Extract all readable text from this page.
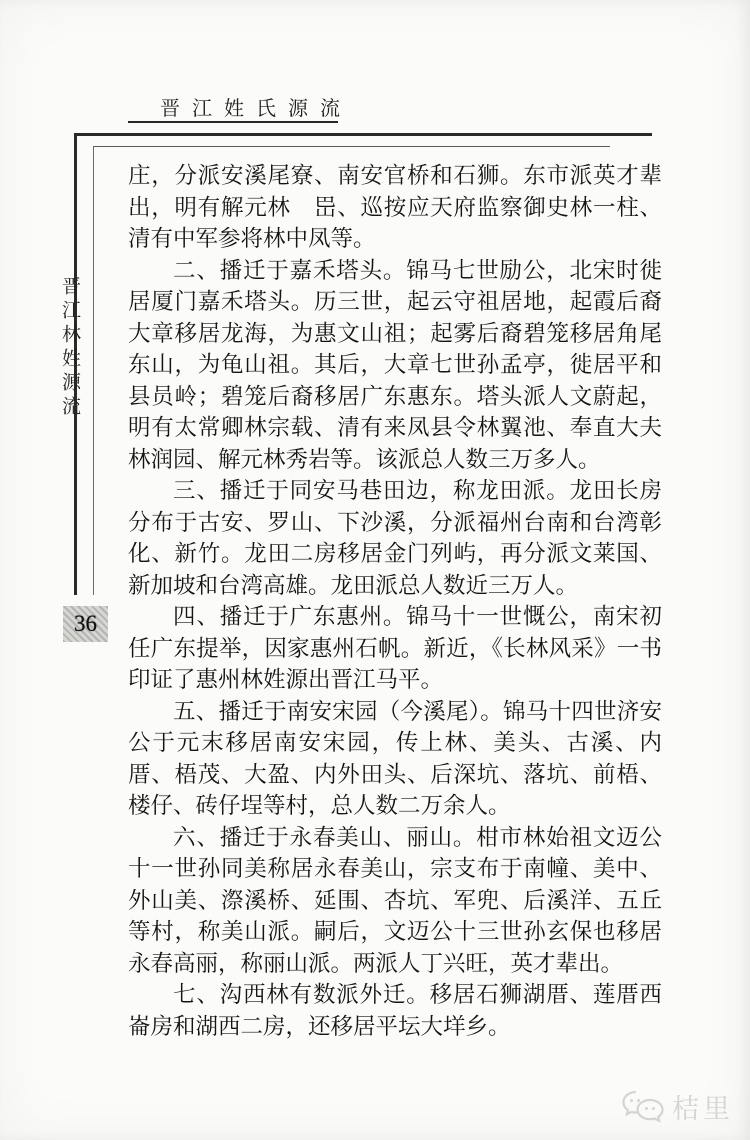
晋江姓氏源流
晋江林姓源流
36

庄，分派安溪尾寮、南安官桥和石狮。东市派英才辈出，明有解元林　岊、巡按应天府监察御史林一柱、清有中军参将林中凤等。

二、播迁于嘉禾塔头。锦马七世励公，北宋时徙居厦门嘉禾塔头。历三世，起云守祖居地，起霞后裔大章移居龙海，为惠文山祖；起雾后裔碧笼移居角尾东山，为龟山祖。其后，大章七世孙孟亭，徙居平和县员岭；碧笼后裔移居广东惠东。塔头派人文蔚起，明有太常卿林宗载、清有来凤县令林翼池、奉直大夫林润园、解元林秀岩等。该派总人数三万多人。

三、播迁于同安马巷田边，称龙田派。龙田长房分布于古安、罗山、下沙溪，分派福州台南和台湾彰化、新竹。龙田二房移居金门列屿，再分派文莱国、新加坡和台湾高雄。龙田派总人数近三万人。

四、播迁于广东惠州。锦马十一世慨公，南宋初任广东提举，因家惠州石帆。新近，《长林风采》一书印证了惠州林姓源出晋江马平。

五、播迁于南安宋园（今溪尾）。锦马十四世济安公于元末移居南安宋园，传上林、美头、古溪、内厝、梧茂、大盈、内外田头、后深坑、落坑、前梧、楼仔、砖仔埕等村，总人数二万余人。

六、播迁于永春美山、丽山。柑市林始祖文迈公十一世孙同美称居永春美山，宗支布于南幢、美中、外山美、漈溪桥、延围、杏坑、军兜、后溪洋、五丘等村，称美山派。嗣后，文迈公十三世孙玄保也移居永春高丽，称丽山派。两派人丁兴旺，英才辈出。

七、沟西林有数派外迁。移居石狮湖厝、莲厝西崙房和湖西二房，还移居平坛大垟乡。

桔里
